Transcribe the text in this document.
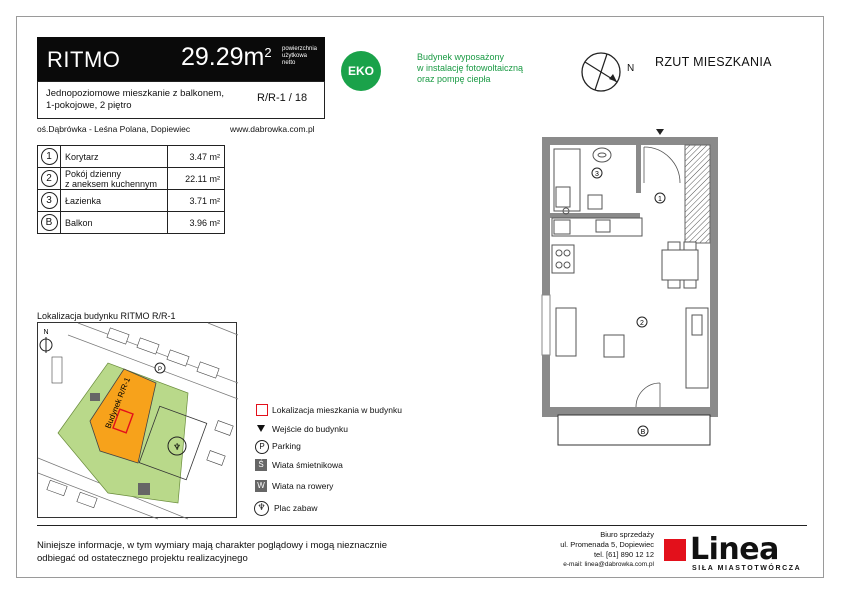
RITMO $29.29m^2$ powierzchnia
użytkowa
netto
Jednopoziomowe mieszkanie z balkonem,
1-pokojowe, 2 piętro
R/R-1 / 18
oś.Dąbrówka - Leśna Polana, Dopiewiec	www.dabrowka.com.pl
1	Korytarz	3.47 m²
2	Pokój dzienny
z aneksem kuchennym	22.11 m²
3	Łazienka	3.71 m²
B	Balkon	3.96 m²
EKO
Budynek wyposażony
w instalację fotowoltaiczną
oraz pompę ciepła
N RZUT MIESZKANIA
3
1
2
B
Lokalizacja budynku RITMO R/R-1
♆
Budynek R/R-1
P
N
Lokalizacja mieszkania w budynku
Wejście do budynku
P Parking
Ś Wiata śmietnikowa
W Wiata na rowery
♆ Plac zabaw
Niniejsze informacje, w tym wymiary mają charakter poglądowy i mogą nieznacznie
odbiegać od ostatecznego projektu realizacyjnego
Biuro sprzedaży
ul. Promenada 5, Dopiewiec
tel. [61] 890 12 12
e-mail: linea@dabrowka.com.pl Linea
SIŁA MIASTOTWÓRCZA
